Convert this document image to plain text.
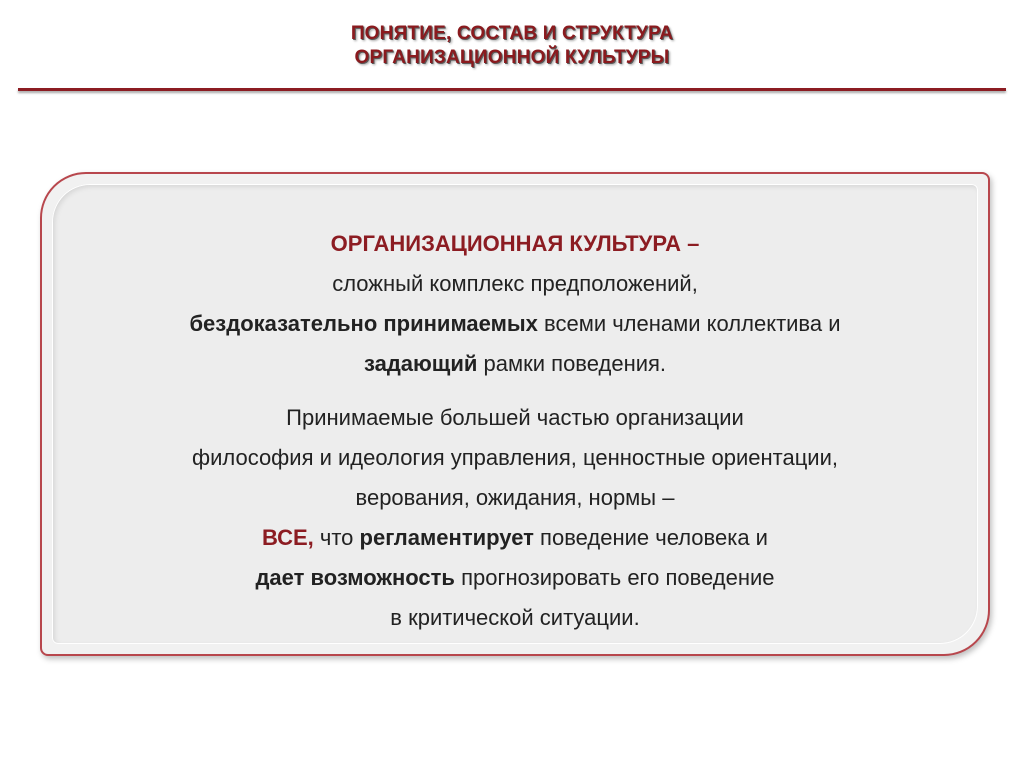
ПОНЯТИЕ, СОСТАВ И СТРУКТУРА
ОРГАНИЗАЦИОННОЙ КУЛЬТУРЫ
ОРГАНИЗАЦИОННАЯ КУЛЬТУРА –
сложный комплекс предположений,
бездоказательно принимаемых всеми членами коллектива и
задающий рамки поведения.
Принимаемые большей частью организации
философия и идеология управления, ценностные ориентации,
верования, ожидания, нормы –
ВСЕ, что регламентирует поведение человека и
дает возможность прогнозировать его поведение
в критической ситуации.
